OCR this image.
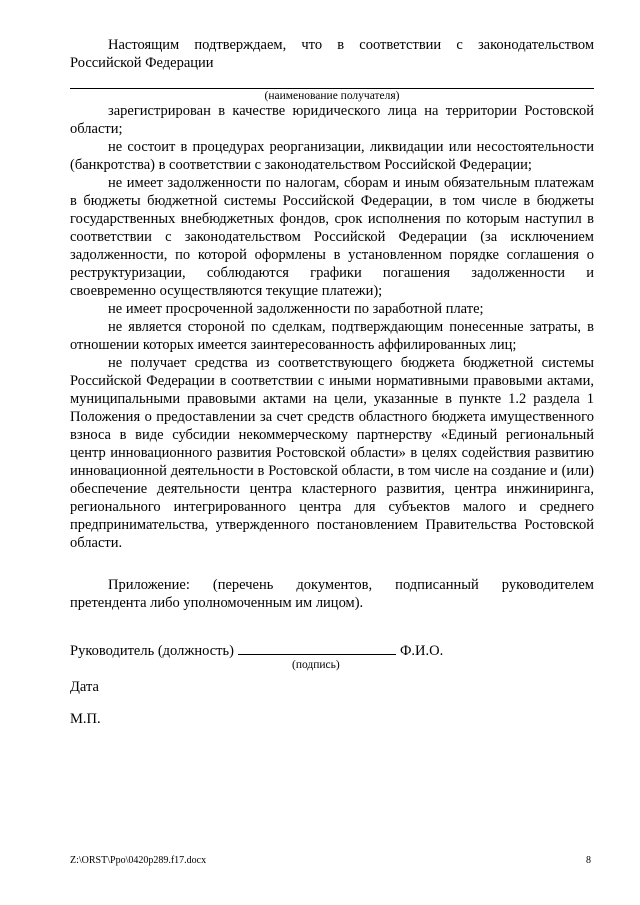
Настоящим подтверждаем, что в соответствии с законодательством Российской Федерации

(наименование получателя)

зарегистрирован в качестве юридического лица на территории Ростовской области;

не состоит в процедурах реорганизации, ликвидации или несостоятельности (банкротства) в соответствии с законодательством Российской Федерации;

не имеет задолженности по налогам, сборам и иным обязательным платежам в бюджеты бюджетной системы Российской Федерации, в том числе в бюджеты государственных внебюджетных фондов, срок исполнения по которым наступил в соответствии с законодательством Российской Федерации (за исключением задолженности, по которой оформлены в установленном порядке соглашения о реструктуризации, соблюдаются графики погашения задолженности и своевременно осуществляются текущие платежи);

не имеет просроченной задолженности по заработной плате;

не является стороной по сделкам, подтверждающим понесенные затраты, в отношении которых имеется заинтересованность аффилированных лиц;

не получает средства из соответствующего бюджета бюджетной системы Российской Федерации в соответствии с иными нормативными правовыми актами, муниципальными правовыми актами на цели, указанные в пункте 1.2 раздела 1 Положения о предоставлении за счет средств областного бюджета имущественного взноса в виде субсидии некоммерческому партнерству «Единый региональный центр инновационного развития Ростовской области» в целях содействия развитию инновационной деятельности в Ростовской области, в том числе на создание и (или) обеспечение деятельности центра кластерного развития, центра инжиниринга, регионального интегрированного центра для субъектов малого и среднего предпринимательства, утвержденного постановлением Правительства Ростовской области.

Приложение: (перечень документов, подписанный руководителем претендента либо уполномоченным им лицом).

Руководитель (должность)	Ф.И.О.
(подпись)
Дата
М.П.
Z:\ORST\Ppo\0420p289.f17.docx	8
